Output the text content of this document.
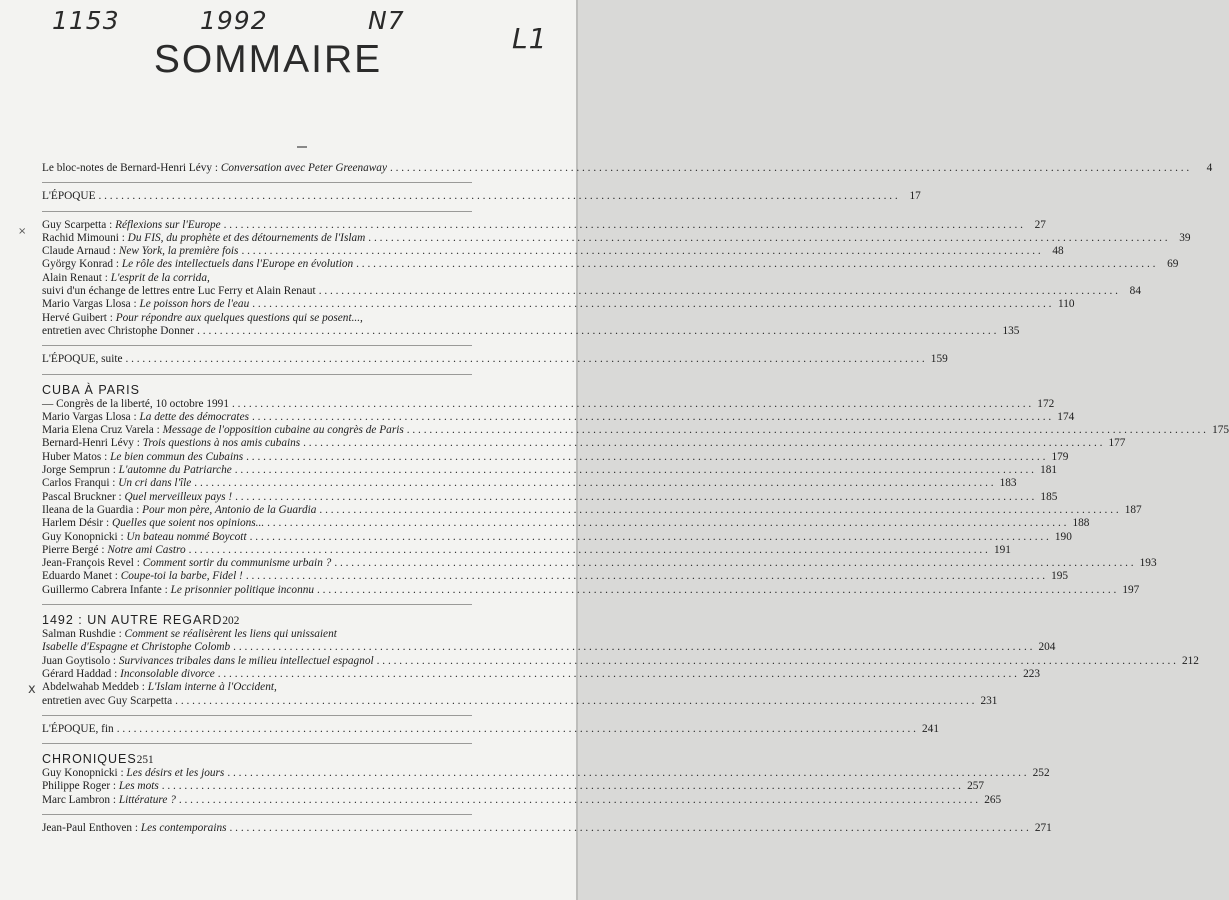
1153	1992	N7
L1
SOMMAIRE
×
x
Le bloc-notes de Bernard-Henri Lévy : Conversation avec Peter Greenaway . . .	4
L'ÉPOQUE . . .	17
Guy Scarpetta : Réflexions sur l'Europe . . .	27
Rachid Mimouni : Du FIS, du prophète et des détournements de l'Islam . . .	39
Claude Arnaud : New York, la première fois . . .	48
György Konrad : Le rôle des intellectuels dans l'Europe en évolution . . .	69
Alain Renaut : L'esprit de la corrida,
suivi d'un échange de lettres entre Luc Ferry et Alain Renaut . . .	84
Mario Vargas Llosa : Le poisson hors de l'eau . . .	110
Hervé Guibert : Pour répondre aux quelques questions qui se posent...,
entretien avec Christophe Donner . . .	135
L'ÉPOQUE, suite . . .	159
CUBA À PARIS
— Congrès de la liberté, 10 octobre 1991 . . .	172
Mario Vargas Llosa : La dette des démocrates . . .	174
Maria Elena Cruz Varela : Message de l'opposition cubaine au congrès de Paris . . .	175
Bernard-Henri Lévy : Trois questions à nos amis cubains . . .	177
Huber Matos : Le bien commun des Cubains . . .	179
Jorge Semprun : L'automne du Patriarche . . .	181
Carlos Franqui : Un cri dans l'île . . .	183
Pascal Bruckner : Quel merveilleux pays ! . . .	185
Ileana de la Guardia : Pour mon père, Antonio de la Guardia . . .	187
Harlem Désir : Quelles que soient nos opinions... . . .	188
Guy Konopnicki : Un bateau nommé Boycott . . .	190
Pierre Bergé : Notre ami Castro . . .	191
Jean-François Revel : Comment sortir du communisme urbain ? . . .	193
Eduardo Manet : Coupe-toi la barbe, Fidel ! . . .	195
Guillermo Cabrera Infante : Le prisonnier politique inconnu . . .	197
1492 : UN AUTRE REGARD 202
Salman Rushdie : Comment se réalisèrent les liens qui unissaient
Isabelle d'Espagne et Christophe Colomb . . .	204
Juan Goytisolo : Survivances tribales dans le milieu intellectuel espagnol . . .	212
Gérard Haddad : Inconsolable divorce . . .	223
Abdelwahab Meddeb : L'Islam interne à l'Occident,
entretien avec Guy Scarpetta . . .	231
L'ÉPOQUE, fin . . .	241
CHRONIQUES 251
Guy Konopnicki : Les désirs et les jours . . .	252
Philippe Roger : Les mots . . .	257
Marc Lambron : Littérature ? . . .	265
Jean-Paul Enthoven : Les contemporains . . .	271
